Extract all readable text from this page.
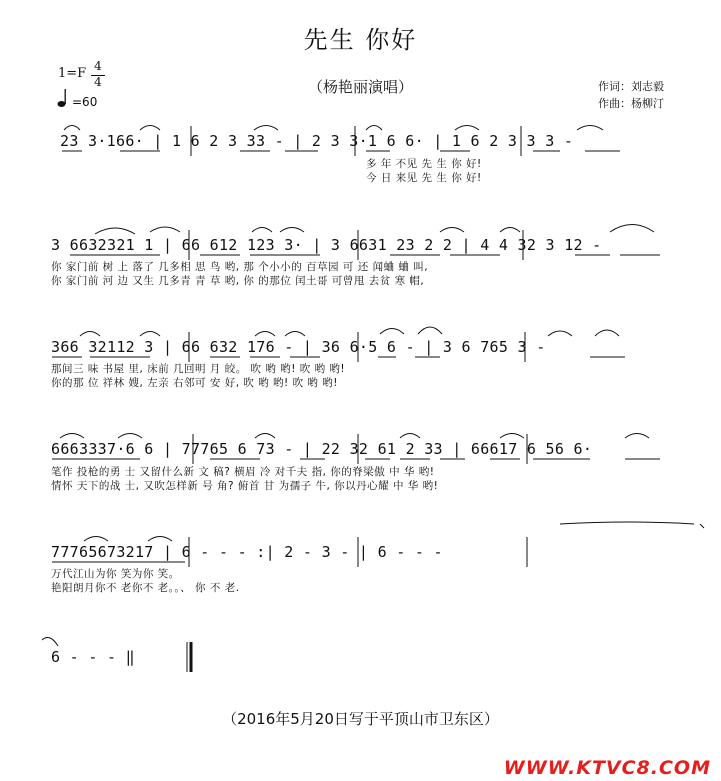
先生 你好
（杨艳丽演唱）	作词：刘志毅
作曲：杨柳汀
1=F 4
4
=60
23 3·166· | 1 6 2 3 33 - | 2 3 3·1 6 6· | 1 6 2 3 3 3 -
多 年 不见 先 生 你 好!
今 日 来见 先 生 你 好!
3 6632321 1 | 66 612 123 3· | 3 6631 23 2 2 | 4 4 32 3 12 -
你 家门前 树 上 落了 几多相 思 鸟 哟, 那 个小小的 百草园 可 还 闻蛐 蛐 叫,
你 家门前 河 边 又生 几多青 青 草 哟, 你 的那位 闰土哥 可曾甩 去贫 寒 帽,
366 32112 3 | 66 632 176 - | 36 6·5 6 - | 3 6 765 3 -
那间三 味 书屋 里, 床前 几回明 月 皎。 吹 哟 哟! 吹 哟 哟!
你的那 位 祥林 嫂, 左亲 右邻可 安 好, 吹 哟 哟! 吹 哟 哟!
6663337·6 6 | 77765 6 73 - | 22 32 61 2 33 | 66617 6 56 6·
笔作 投枪的勇 士 又留什么新 文 稿? 横眉 冷 对千夫 指, 你的脊梁傲 中 华 哟!
情怀 天下的战 士, 又吹怎样新 号 角? 俯首 甘 为孺子 牛, 你以丹心耀 中 华 哟!
77765673217 | 6 - - - :| 2 - 3 - | 6 - - -
万代江山为你 笑为你 笑。
艳阳朗月你不 老你不 老。。、 你 不 老.
6 - - - ‖
（2016年5月20日写于平顶山市卫东区）
WWW.KTVC8.COM
